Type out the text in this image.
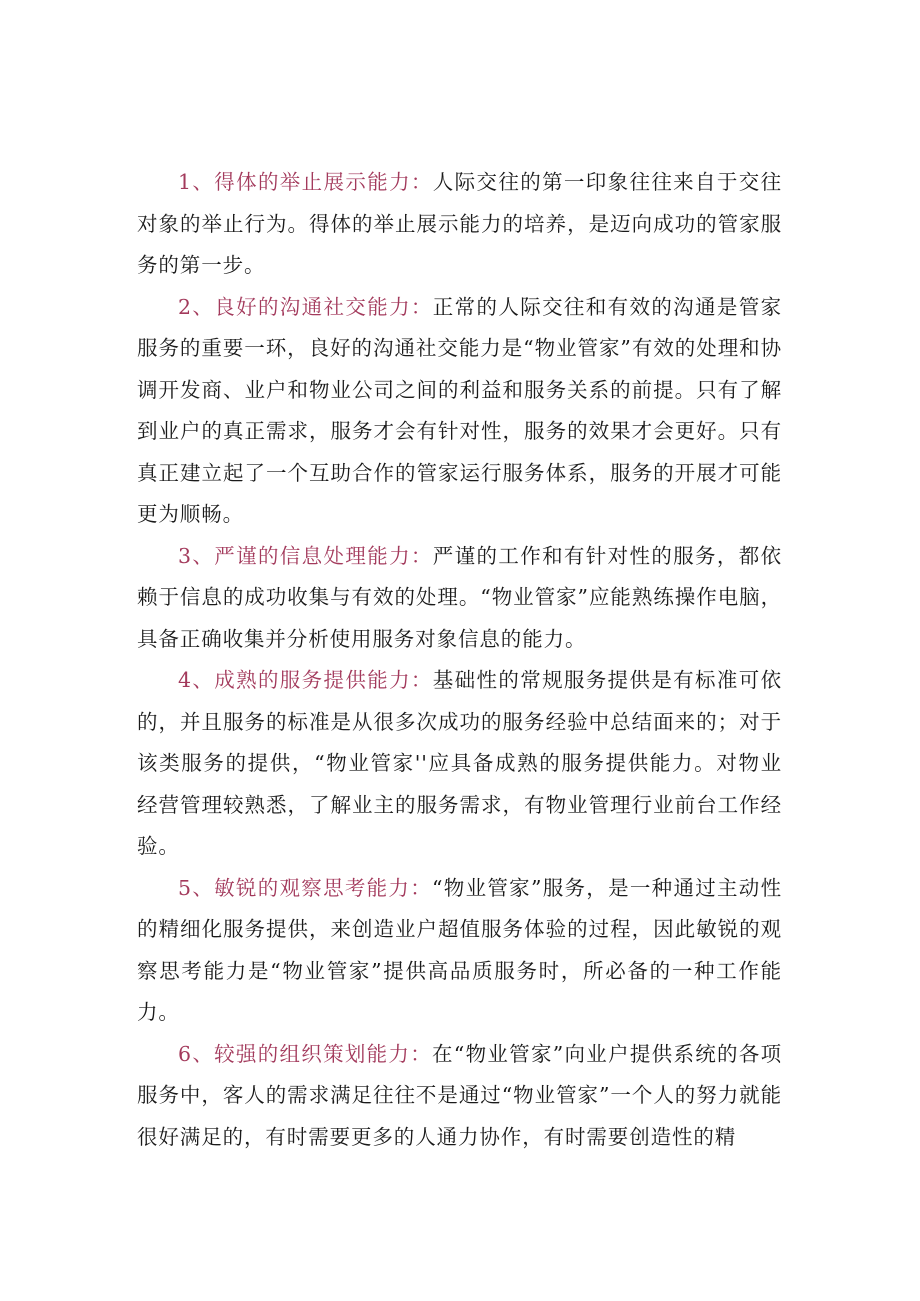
1、得体的举止展示能力：人际交往的第一印象往往来自于交往对象的举止行为。得体的举止展示能力的培养，是迈向成功的管家服务的第一步。

2、良好的沟通社交能力：正常的人际交往和有效的沟通是管家服务的重要一环，良好的沟通社交能力是“物业管家”有效的处理和协调开发商、业户和物业公司之间的利益和服务关系的前提。只有了解到业户的真正需求，服务才会有针对性，服务的效果才会更好。只有真正建立起了一个互助合作的管家运行服务体系，服务的开展才可能更为顺畅。

3、严谨的信息处理能力：严谨的工作和有针对性的服务，都依赖于信息的成功收集与有效的处理。“物业管家”应能熟练操作电脑，具备正确收集并分析使用服务对象信息的能力。

4、成熟的服务提供能力：基础性的常规服务提供是有标准可依的，并且服务的标准是从很多次成功的服务经验中总结面来的；对于该类服务的提供，“物业管家''应具备成熟的服务提供能力。对物业经营管理较熟悉，了解业主的服务需求，有物业管理行业前台工作经验。

5、敏锐的观察思考能力：“物业管家”服务，是一种通过主动性的精细化服务提供，来创造业户超值服务体验的过程，因此敏锐的观察思考能力是“物业管家”提供高品质服务时，所必备的一种工作能力。

6、较强的组织策划能力：在“物业管家”向业户提供系统的各项服务中，客人的需求满足往往不是通过“物业管家”一个人的努力就能很好满足的，有时需要更多的人通力协作，有时需要创造性的精
